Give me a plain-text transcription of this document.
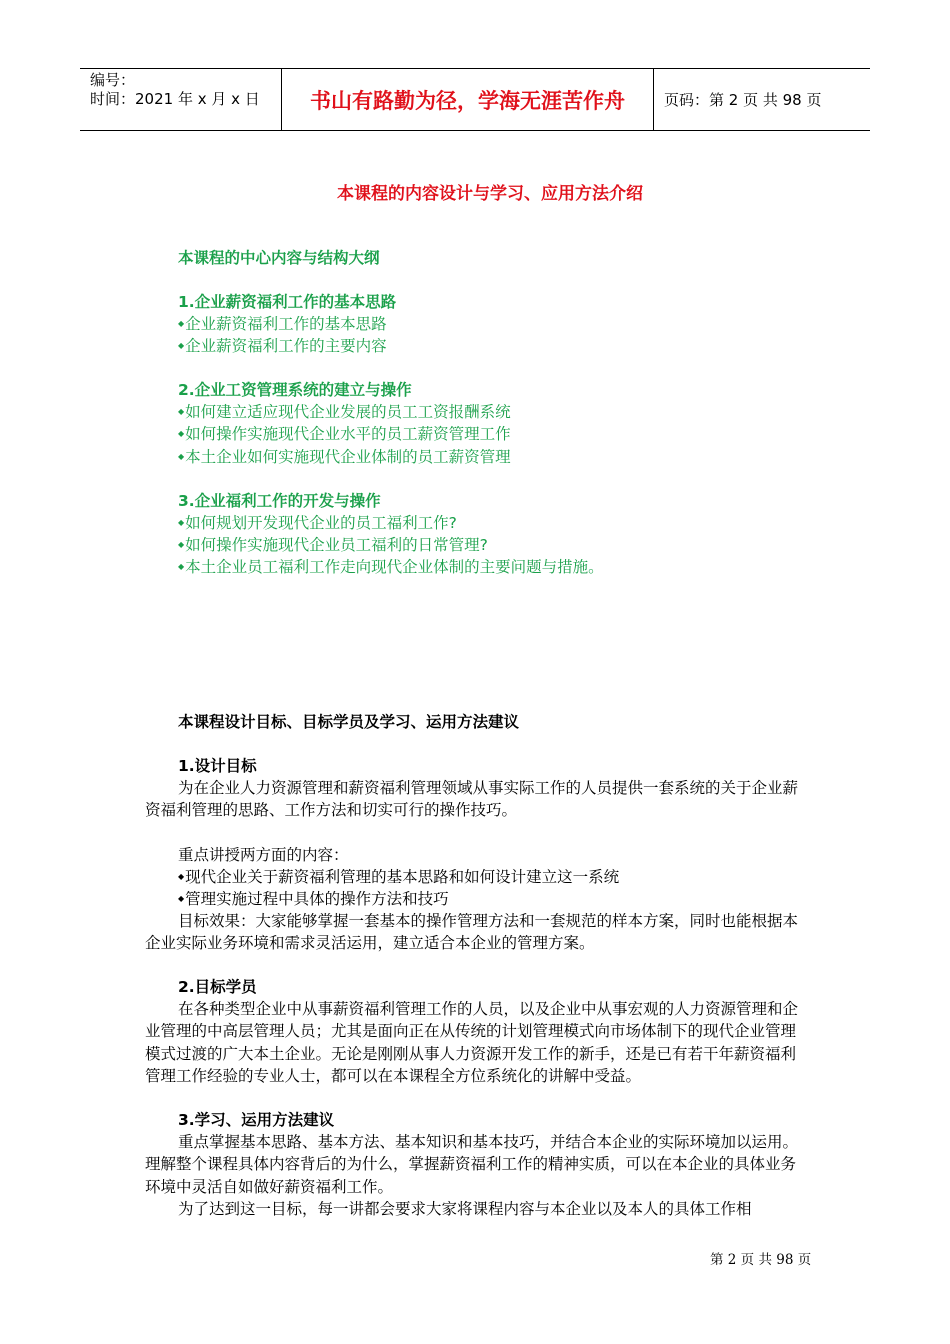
编号：
时间：2021 年 x 月 x 日	书山有路勤为径，学海无涯苦作舟	页码：第 2 页 共 98 页
本课程的内容设计与学习、应用方法介绍
本课程的中心内容与结构大纲
1.企业薪资福利工作的基本思路
◆ 企业薪资福利工作的基本思路
◆ 企业薪资福利工作的主要内容
2.企业工资管理系统的建立与操作
◆ 如何建立适应现代企业发展的员工工资报酬系统
◆ 如何操作实施现代企业水平的员工薪资管理工作
◆ 本土企业如何实施现代企业体制的员工薪资管理
3.企业福利工作的开发与操作
◆ 如何规划开发现代企业的员工福利工作?
◆ 如何操作实施现代企业员工福利的日常管理?
◆ 本土企业员工福利工作走向现代企业体制的主要问题与措施。
本课程设计目标、目标学员及学习、运用方法建议
1.设计目标
为在企业人力资源管理和薪资福利管理领域从事实际工作的人员提供一套系统的关于企业薪资福利管理的思路、工作方法和切实可行的操作技巧。
重点讲授两方面的内容：
◆ 现代企业关于薪资福利管理的基本思路和如何设计建立这一系统
◆ 管理实施过程中具体的操作方法和技巧
目标效果：大家能够掌握一套基本的操作管理方法和一套规范的样本方案，同时也能根据本企业实际业务环境和需求灵活运用，建立适合本企业的管理方案。
2.目标学员
在各种类型企业中从事薪资福利管理工作的人员，以及企业中从事宏观的人力资源管理和企业管理的中高层管理人员；尤其是面向正在从传统的计划管理模式向市场体制下的现代企业管理模式过渡的广大本土企业。无论是刚刚从事人力资源开发工作的新手，还是已有若干年薪资福利管理工作经验的专业人士，都可以在本课程全方位系统化的讲解中受益。
3.学习、运用方法建议
重点掌握基本思路、基本方法、基本知识和基本技巧，并结合本企业的实际环境加以运用。理解整个课程具体内容背后的为什么，掌握薪资福利工作的精神实质，可以在本企业的具体业务环境中灵活自如做好薪资福利工作。
为了达到这一目标，每一讲都会要求大家将课程内容与本企业以及本人的具体工作相
第 2 页 共 98 页
